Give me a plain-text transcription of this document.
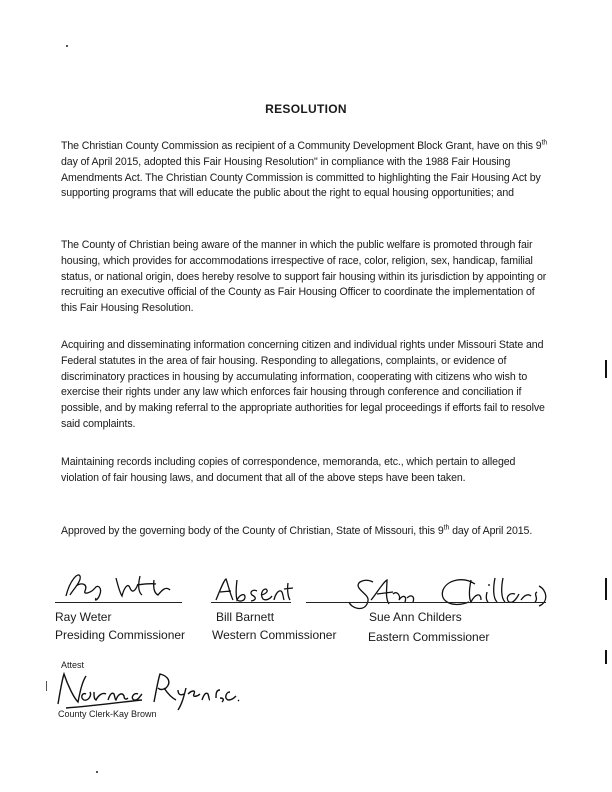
RESOLUTION
The Christian County Commission as recipient of a Community Development Block Grant, have on this 9th day of April 2015, adopted this Fair Housing Resolution" in compliance with the 1988 Fair Housing Amendments Act. The Christian County Commission is committed to highlighting the Fair Housing Act by supporting programs that will educate the public about the right to equal housing opportunities; and
The County of Christian being aware of the manner in which the public welfare is promoted through fair housing, which provides for accommodations irrespective of race, color, religion, sex, handicap, familial status, or national origin, does hereby resolve to support fair housing within its jurisdiction by appointing or recruiting an executive official of the County as Fair Housing Officer to coordinate the implementation of this Fair Housing Resolution.
Acquiring and disseminating information concerning citizen and individual rights under Missouri State and Federal statutes in the area of fair housing. Responding to allegations, complaints, or evidence of discriminatory practices in housing by accumulating information, cooperating with citizens who wish to exercise their rights under any law which enforces fair housing through conference and conciliation if possible, and by making referral to the appropriate authorities for legal proceedings if efforts fail to resolve said complaints.
Maintaining records including copies of correspondence, memoranda, etc., which pertain to alleged violation of fair housing laws, and document that all of the above steps have been taken.
Approved by the governing body of the County of Christian, State of Missouri, this 9th day of April 2015.
Ray Weter	Bill Barnett	Sue Ann Childers
Presiding Commissioner Western Commissioner	Eastern Commissioner
Attest
County Clerk-Kay Brown
